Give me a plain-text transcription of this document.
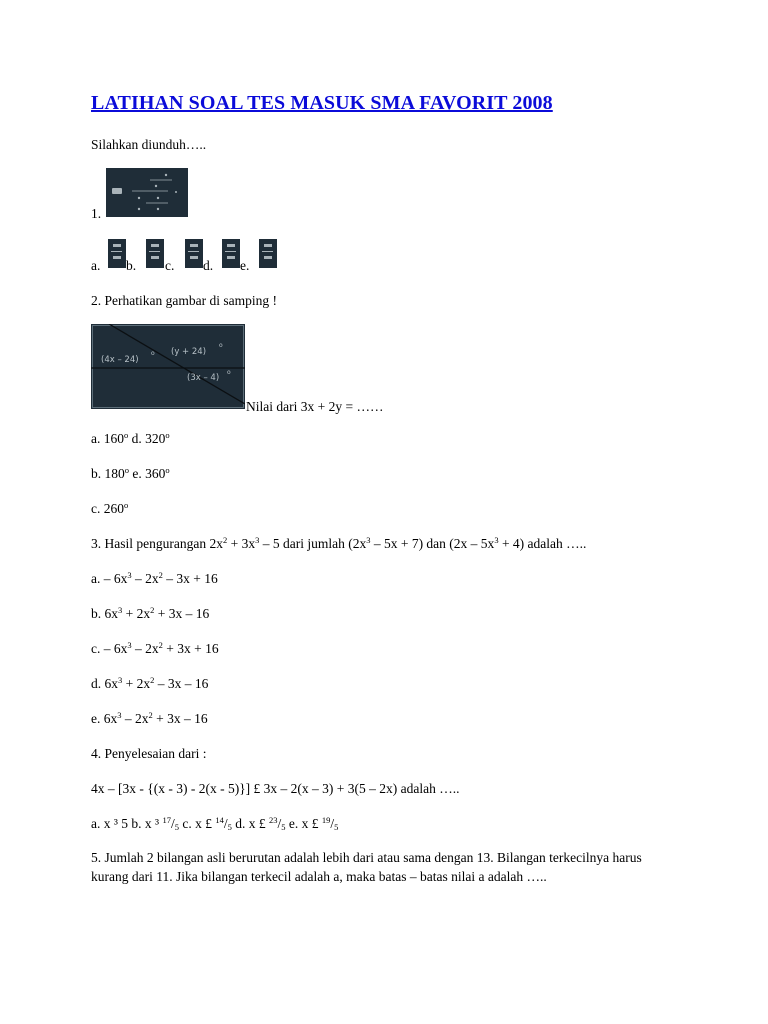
LATIHAN SOAL TES MASUK SMA FAVORIT 2008
Silahkan diunduh…..
1.
a. b. c. d. e.
2. Perhatikan gambar di samping !
(4x – 24)
o (y + 24)
o
(3x – 4)
o
Nilai dari 3x + 2y = ……
a. 160$^o$ d. 320$^o$
b. 180$^o$ e. 360$^o$
c. 260$^o$
3. Hasil pengurangan $2x^2 + 3x^3 - 5$ dari jumlah $(2x^3 - 5x + 7)$ dan $(2x - 5x^3 + 4)$ adalah …..
a. – $6x^3 - 2x^2 - 3x + 16$
b. $6x^3 + 2x^2 + 3x - 16$
c. – $6x^3 - 2x^2 + 3x + 16$
d. $6x^3 + 2x^2 - 3x - 16$
e. $6x^3 - 2x^2 + 3x - 16$
4. Penyelesaian dari :
4x – [3x - {(x - 3) - 2(x - 5)}] £ 3x – 2(x – 3) + 3(5 – 2x) adalah …..
a. x ³ 5 b. x ³ $^{17}/_5$ c. x £ $^{14}/_5$ d. x £ $^{23}/_5$ e. x £ $^{19}/_5$
5. Jumlah 2 bilangan asli berurutan adalah lebih dari atau sama dengan 13. Bilangan terkecilnya harus kurang dari 11. Jika bilangan terkecil adalah a, maka batas – batas nilai a adalah …..
